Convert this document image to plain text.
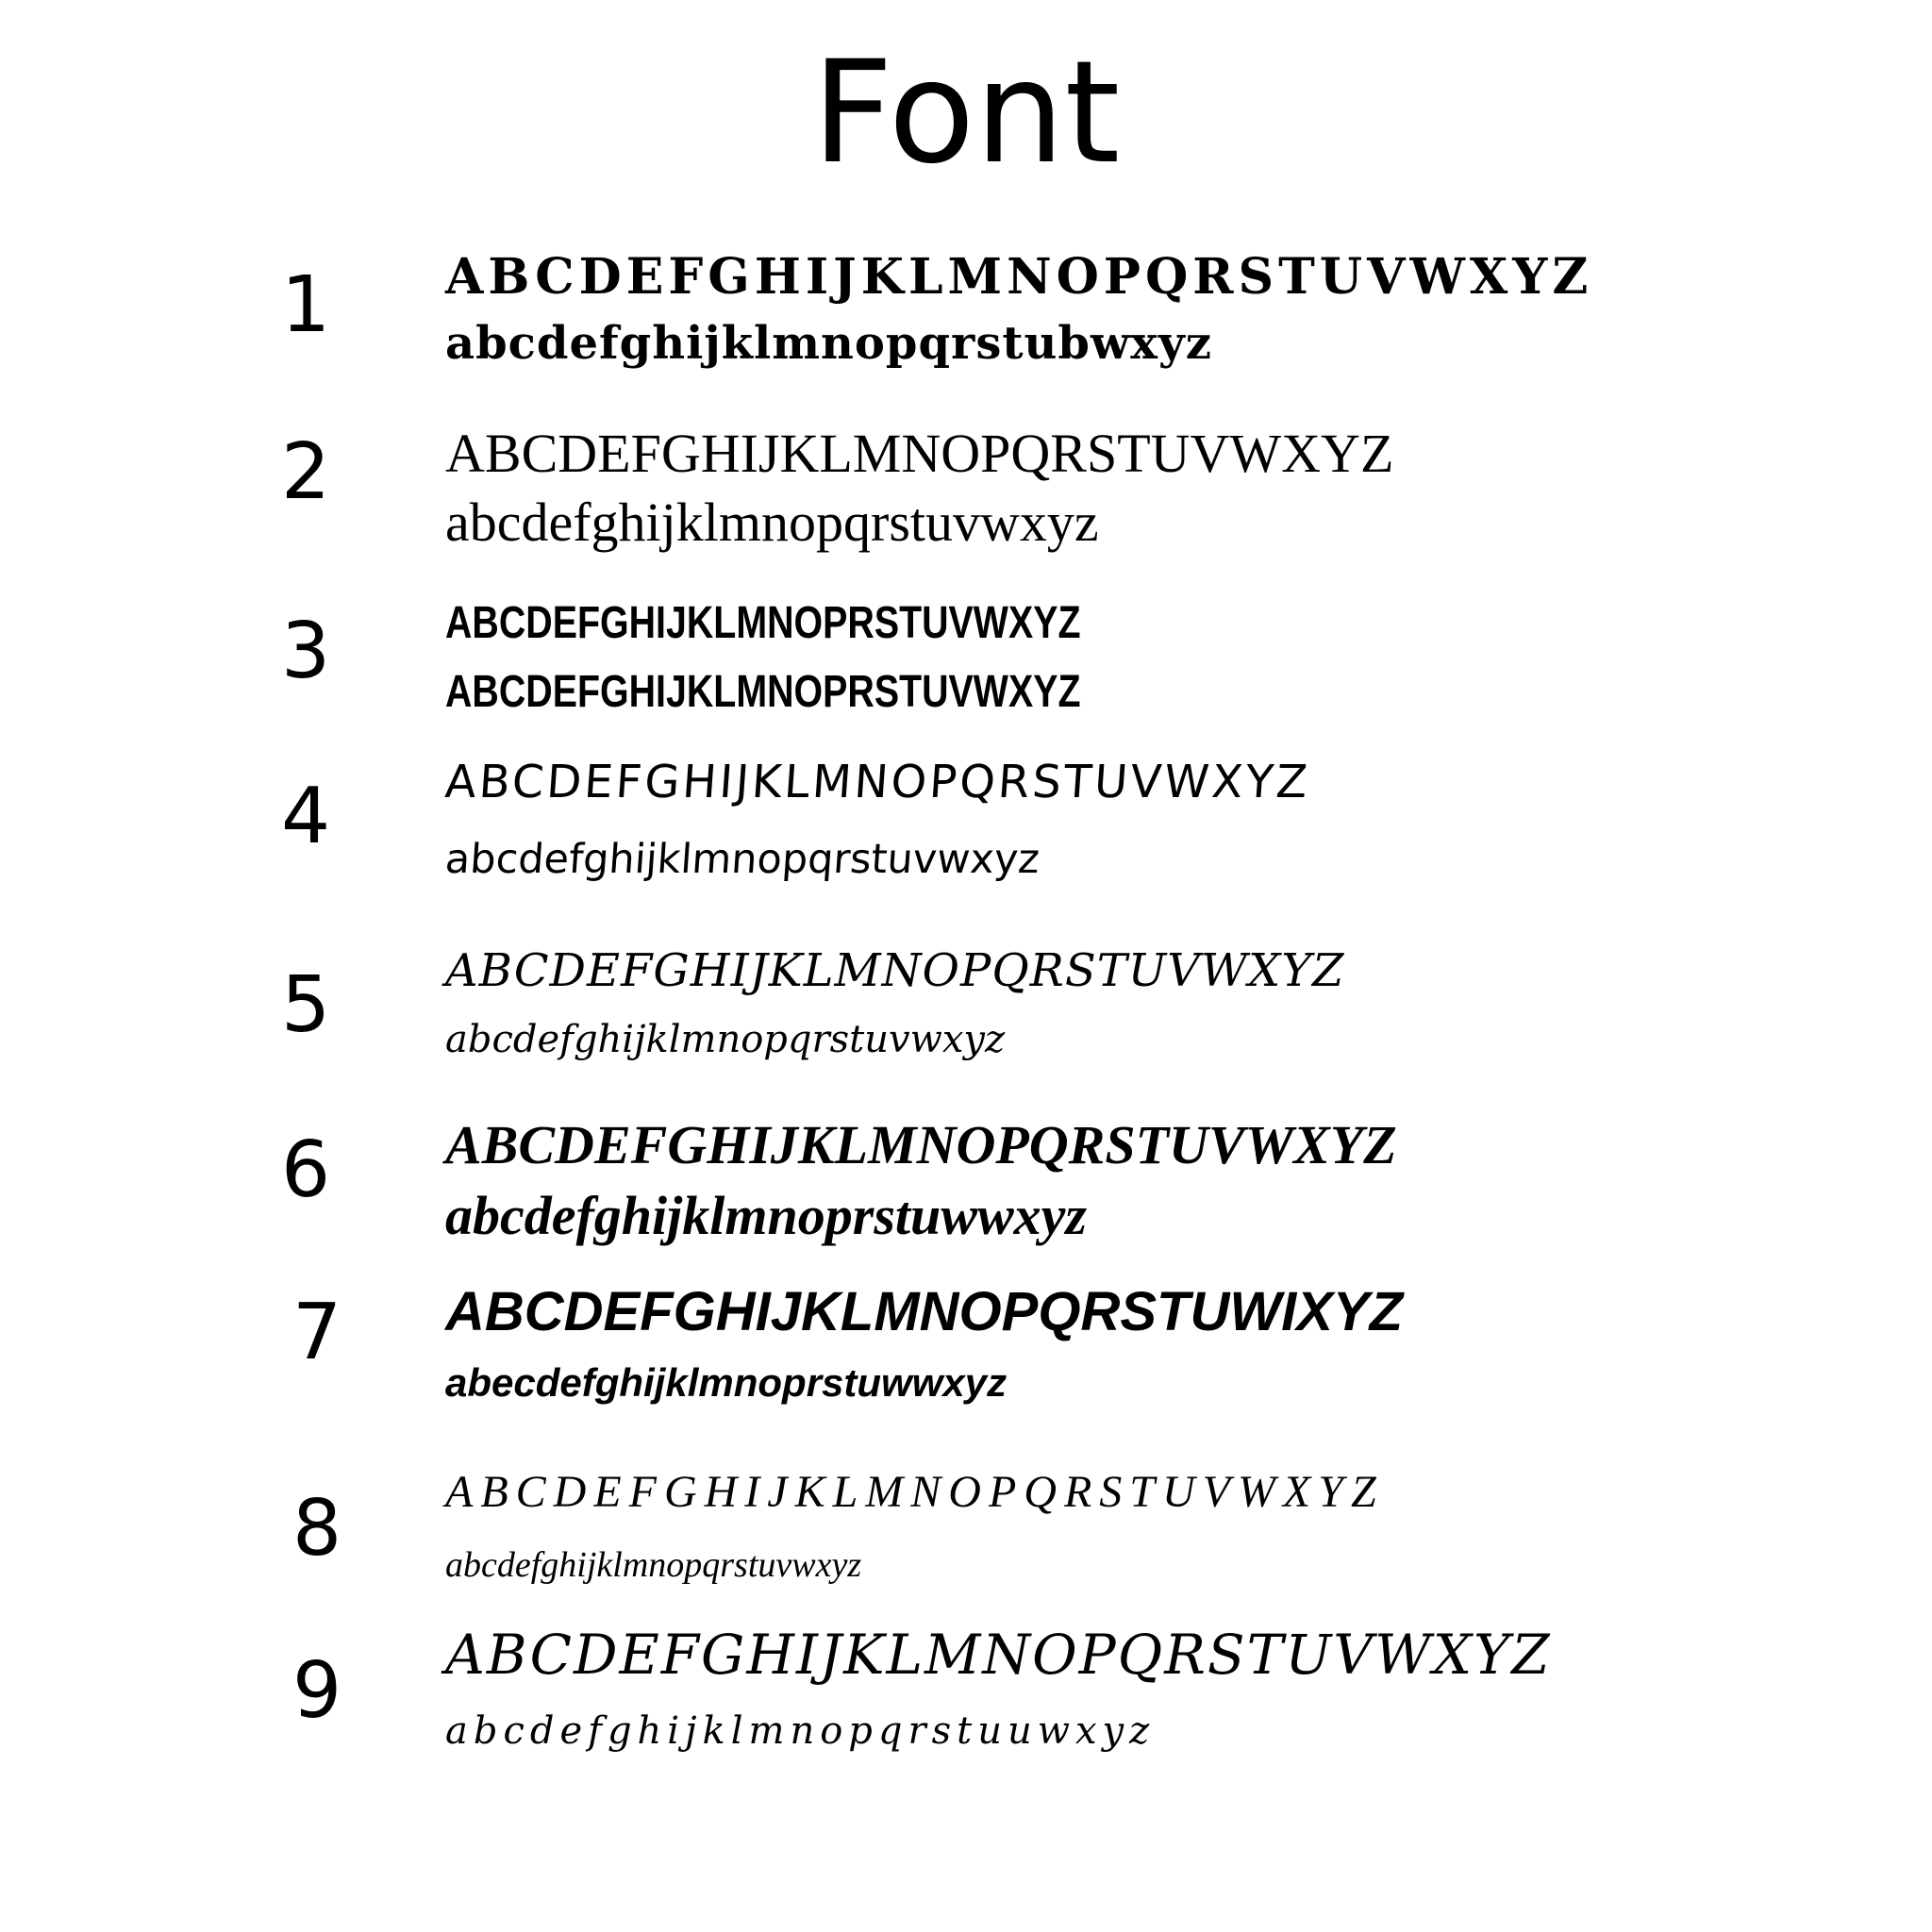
Font
1 ABCDEFGHIJKLMNOPQRSTUVWXYZ
abcdefghijklmnopqrstubwxyz
2 ABCDEFGHIJKLMNOPQRSTUVWXYZ
abcdefghijklmnopqrstuvwxyz
3	ABCDEFGHIJKLMNOPRSTUVWXYZ
ABCDEFGHIJKLMNOPRSTUVWXYZ
4 ABCDEFGHIJKLMNOPQRSTUVWXYZ
abcdefghijklmnopqrstuvwxyz
5	ABCDEFGHIJKLMNOPQRSTUVWXYZ
abcdefghijklmnopqrstuvwxyz
6 ABCDEFGHIJKLMNOPQRSTUVWXYZ
abcdefghijklmnoprstuwwxyz
7 ABCDEFGHIJKLMNOPQRSTUWIXYZ
abecdefghijklmnoprstuwwxyz
8 ABCDEFGHIJKLMNOPQRSTUVWXYZ
abcdefghijklmnopqrstuvwxyz
9 ABCDEFGHIJKLMNOPQRSTUVWXYZ
abcdefghijklmnopqrstuuwxyz
